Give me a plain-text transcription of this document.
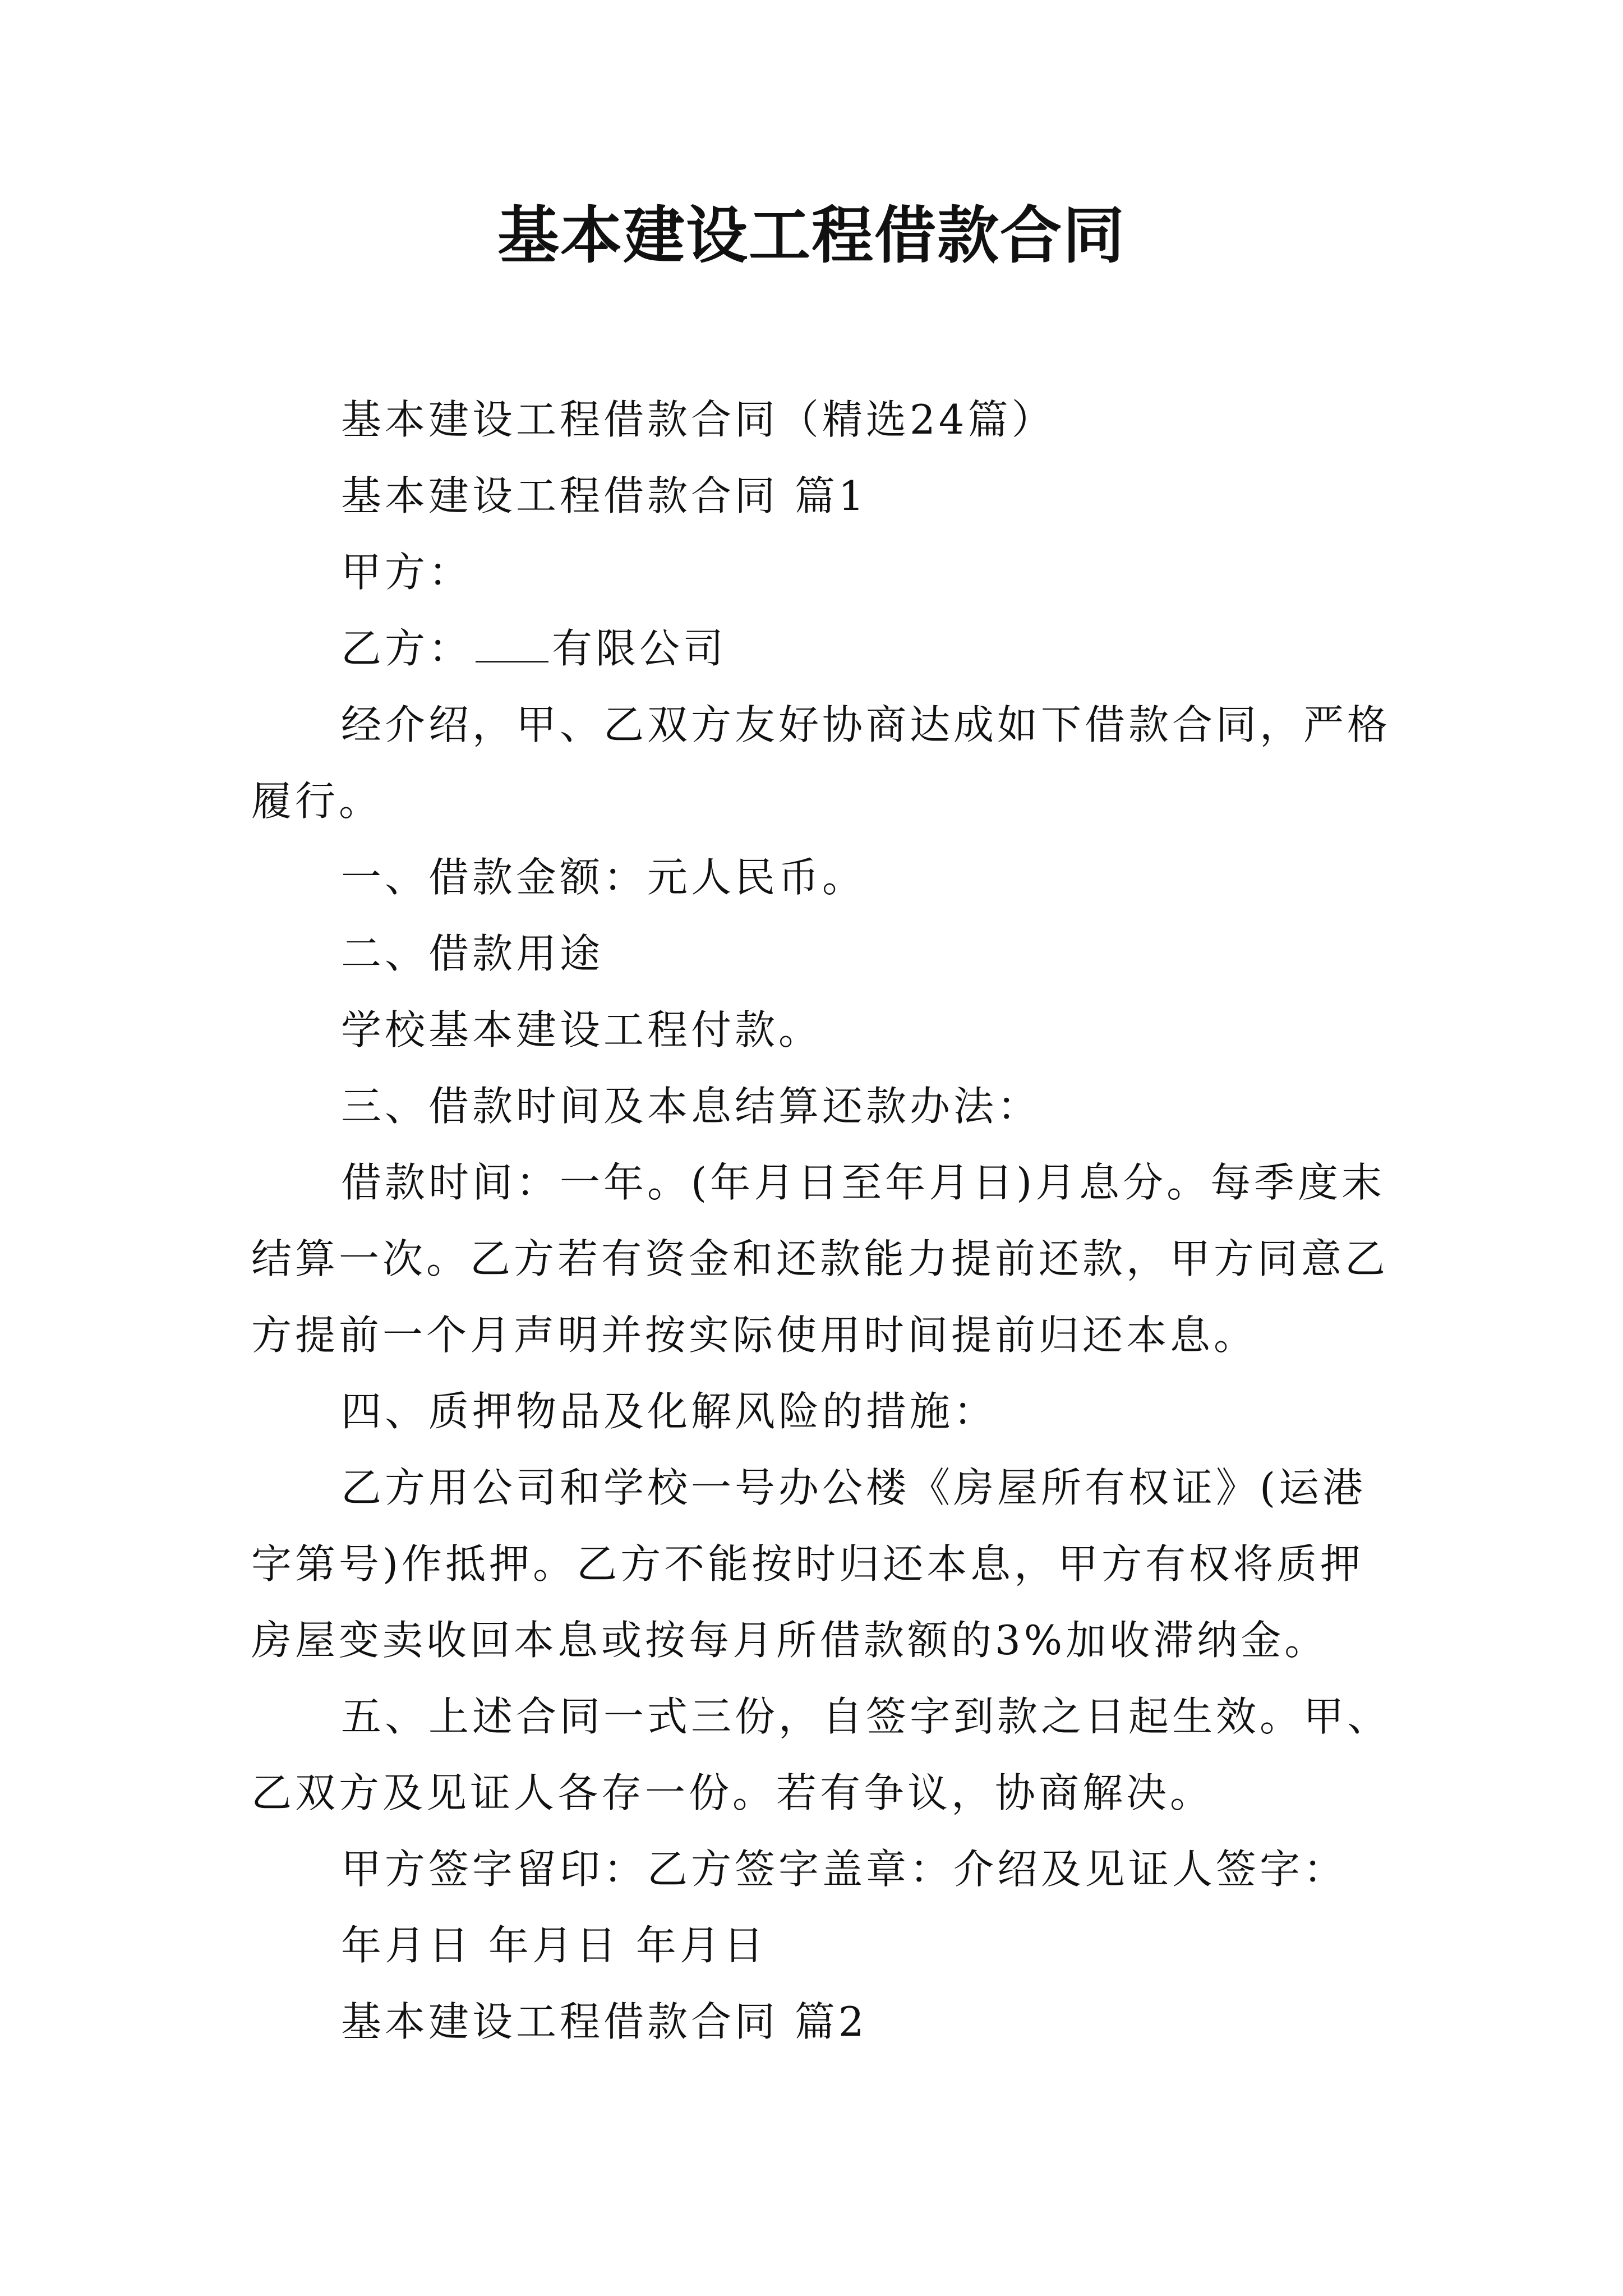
基本建设工程借款合同

基本建设工程借款合同（精选24篇）

基本建设工程借款合同 篇1

甲方：

乙方： 有限公司

经介绍，甲、乙双方友好协商达成如下借款合同，严格履行。

一、借款金额：元人民币。

二、借款用途

学校基本建设工程付款。

三、借款时间及本息结算还款办法：

借款时间：一年。(年月日至年月日)月息分。每季度末结算一次。乙方若有资金和还款能力提前还款，甲方同意乙方提前一个月声明并按实际使用时间提前归还本息。

四、质押物品及化解风险的措施：

乙方用公司和学校一号办公楼《房屋所有权证》(运港字第号)作抵押。乙方不能按时归还本息，甲方有权将质押房屋变卖收回本息或按每月所借款额的3%加收滞纳金。

五、上述合同一式三份，自签字到款之日起生效。甲、乙双方及见证人各存一份。若有争议，协商解决。

甲方签字留印：乙方签字盖章：介绍及见证人签字：

年月日 年月日 年月日

基本建设工程借款合同 篇2
